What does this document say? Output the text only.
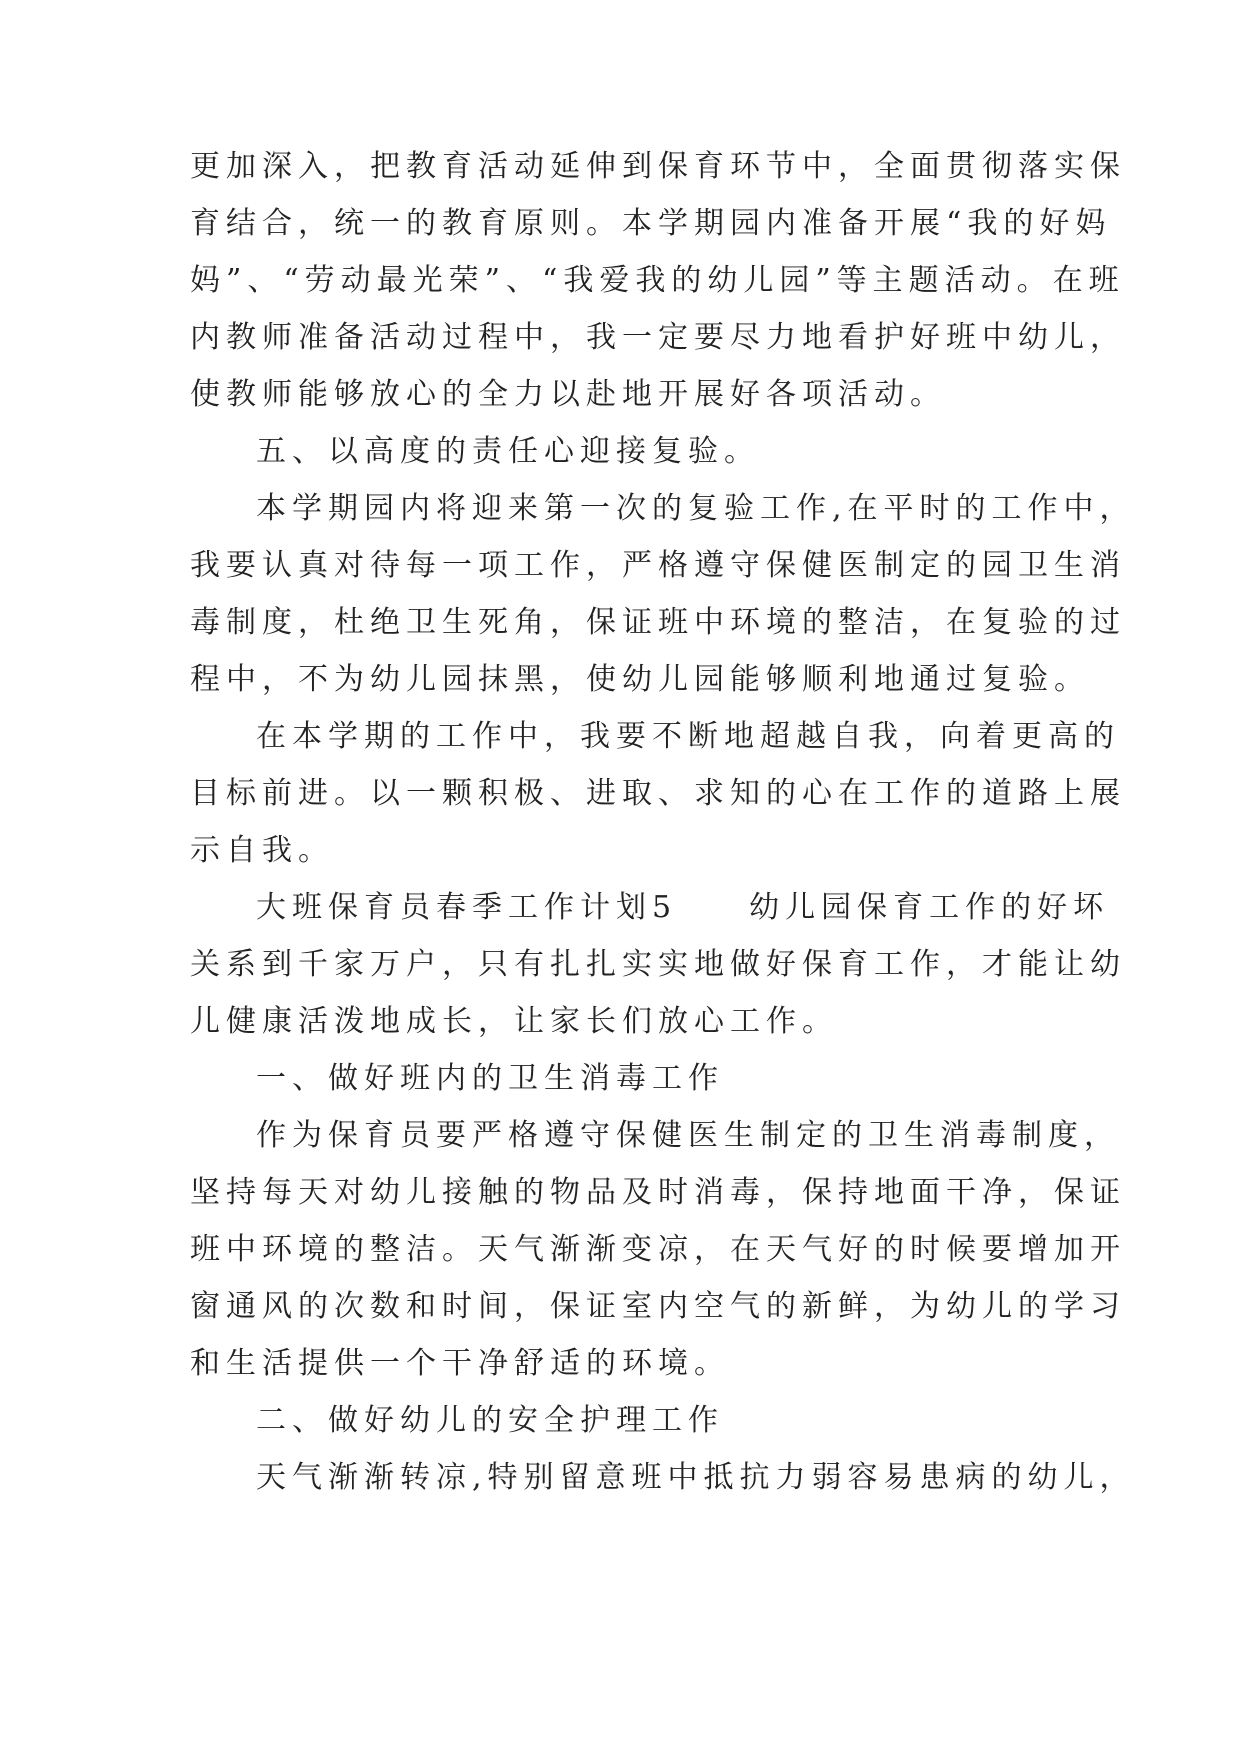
更加深入，把教育活动延伸到保育环节中，全面贯彻落实保
育结合，统一的教育原则。本学期园内准备开展“我的好妈
妈”、“劳动最光荣”、“我爱我的幼儿园”等主题活动。在班
内教师准备活动过程中，我一定要尽力地看护好班中幼儿，
使教师能够放心的全力以赴地开展好各项活动。
五、以高度的责任心迎接复验。
本学期园内将迎来第一次的复验工作,在平时的工作中，
我要认真对待每一项工作，严格遵守保健医制定的园卫生消
毒制度，杜绝卫生死角，保证班中环境的整洁，在复验的过
程中，不为幼儿园抹黑，使幼儿园能够顺利地通过复验。
在本学期的工作中，我要不断地超越自我，向着更高的
目标前进。以一颗积极、进取、求知的心在工作的道路上展
示自我。
大班保育员春季工作计划5　　幼儿园保育工作的好坏
关系到千家万户，只有扎扎实实地做好保育工作，才能让幼
儿健康活泼地成长，让家长们放心工作。
一、做好班内的卫生消毒工作
作为保育员要严格遵守保健医生制定的卫生消毒制度，
坚持每天对幼儿接触的物品及时消毒，保持地面干净，保证
班中环境的整洁。天气渐渐变凉，在天气好的时候要增加开
窗通风的次数和时间，保证室内空气的新鲜，为幼儿的学习
和生活提供一个干净舒适的环境。
二、做好幼儿的安全护理工作
天气渐渐转凉,特别留意班中抵抗力弱容易患病的幼儿，
